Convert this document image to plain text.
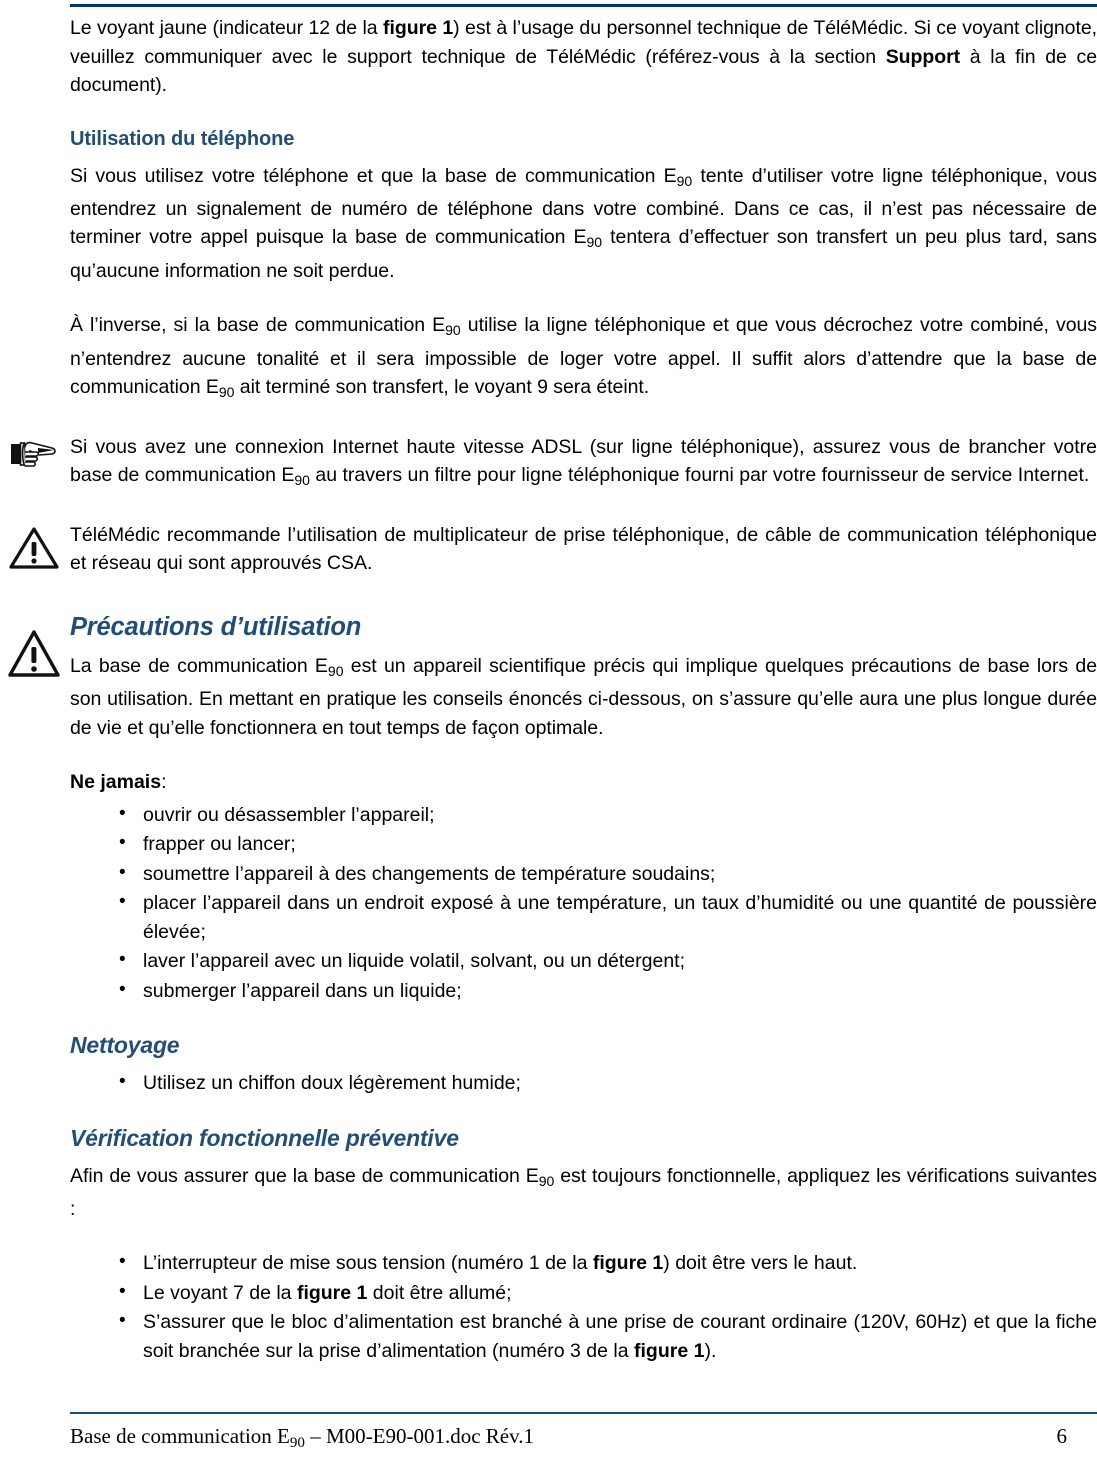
Le voyant jaune (indicateur 12 de la figure 1) est à l’usage du personnel technique de TéléMédic. Si ce voyant clignote, veuillez communiquer avec le support technique de TéléMédic (référez-vous à la section Support à la fin de ce document).

Utilisation du téléphone

Si vous utilisez votre téléphone et que la base de communication $E_{90}$ tente d’utiliser votre ligne téléphonique, vous entendrez un signalement de numéro de téléphone dans votre combiné. Dans ce cas, il n’est pas nécessaire de terminer votre appel puisque la base de communication $E_{90}$ tentera d’effectuer son transfert un peu plus tard, sans qu’aucune information ne soit perdue.

À l’inverse, si la base de communication $E_{90}$ utilise la ligne téléphonique et que vous décrochez votre combiné, vous n’entendrez aucune tonalité et il sera impossible de loger votre appel. Il suffit alors d’attendre que la base de communication $E_{90}$ ait terminé son transfert, le voyant 9 sera éteint.

Si vous avez une connexion Internet haute vitesse ADSL (sur ligne téléphonique), assurez vous de brancher votre base de communication $E_{90}$ au travers un filtre pour ligne téléphonique fourni par votre fournisseur de service Internet.

TéléMédic recommande l’utilisation de multiplicateur de prise téléphonique, de câble de communication téléphonique et réseau qui sont approuvés CSA.

Précautions d’utilisation

La base de communication $E_{90}$ est un appareil scientifique précis qui implique quelques précautions de base lors de son utilisation. En mettant en pratique les conseils énoncés ci-dessous, on s’assure qu’elle aura une plus longue durée de vie et qu’elle fonctionnera en tout temps de façon optimale.

Ne jamais:

• ouvrir ou désassembler l’appareil;
• frapper ou lancer;
• soumettre l’appareil à des changements de température soudains;
• placer l’appareil dans un endroit exposé à une température, un taux d’humidité ou une quantité de poussière élevée;
• laver l’appareil avec un liquide volatil, solvant, ou un détergent;
• submerger l’appareil dans un liquide;
Nettoyage
• Utilisez un chiffon doux légèrement humide;
Vérification fonctionnelle préventive

Afin de vous assurer que la base de communication $E_{90}$ est toujours fonctionnelle, appliquez les vérifications suivantes :

• L’interrupteur de mise sous tension (numéro 1 de la figure 1) doit être vers le haut.
• Le voyant 7 de la figure 1 doit être allumé;
• S’assurer que le bloc d’alimentation est branché à une prise de courant ordinaire (120V, 60Hz) et que la fiche soit branchée sur la prise d’alimentation (numéro 3 de la figure 1).
Base de communication $E_{90} - M00-E90-001.doc$ Rév.1	6
